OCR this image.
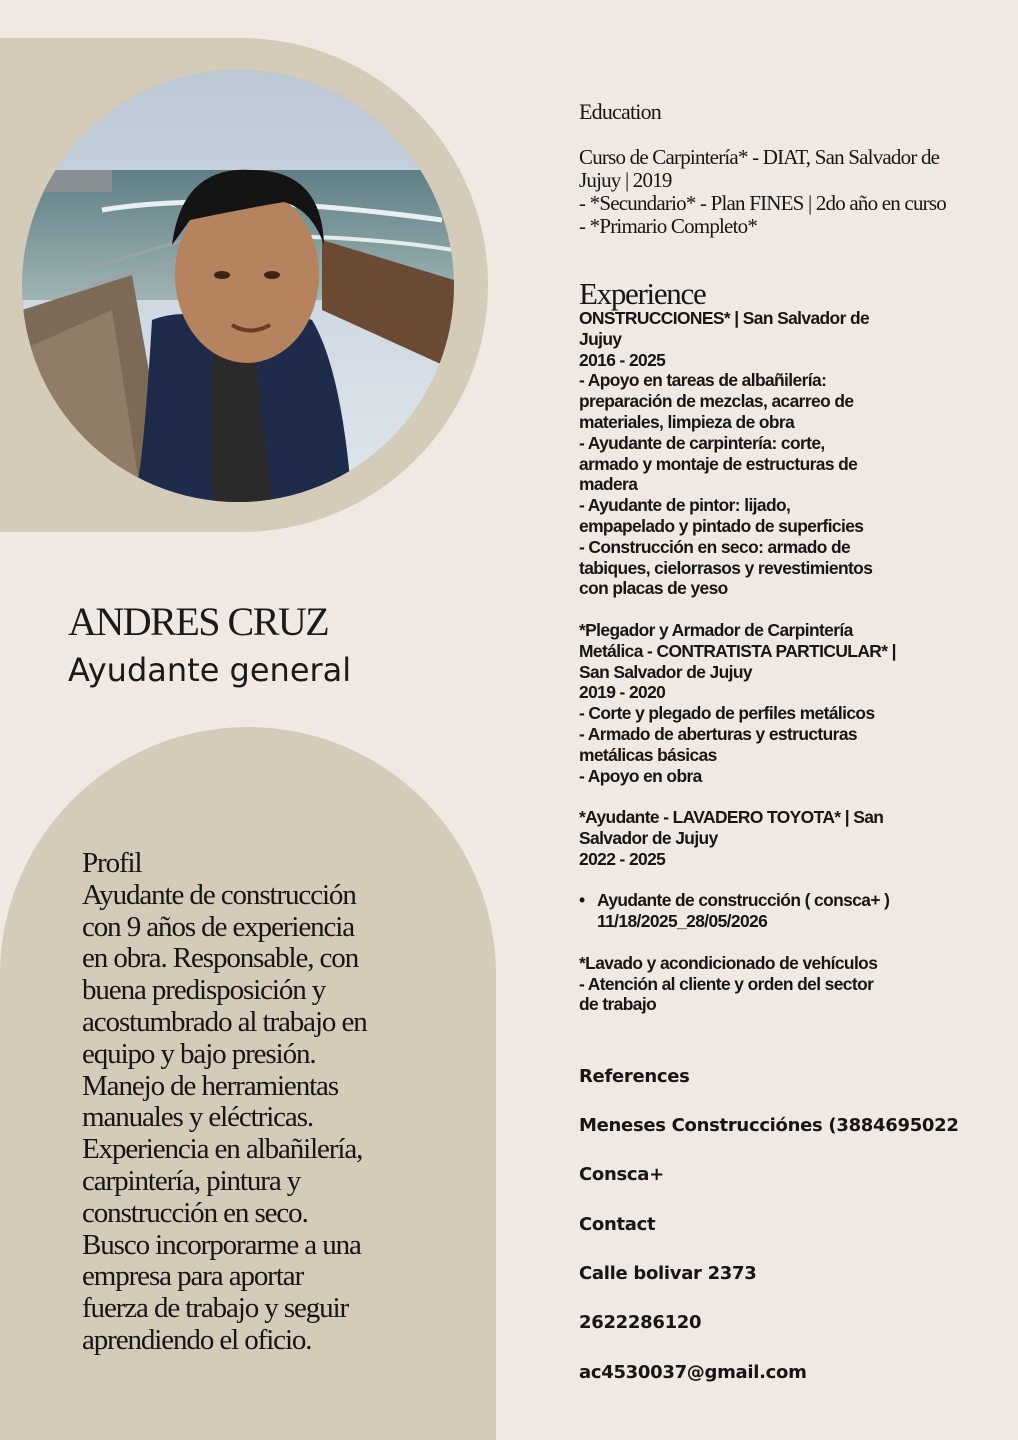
ANDRES CRUZ
Ayudante general
Profil
Ayudante de construcción
con 9 años de experiencia
en obra. Responsable, con
buena predisposición y
acostumbrado al trabajo en
equipo y bajo presión.
Manejo de herramientas
manuales y eléctricas.
Experiencia en albañilería,
carpintería, pintura y
construcción en seco.
Busco incorporarme a una
empresa para aportar
fuerza de trabajo y seguir
aprendiendo el oficio.
Education
Curso de Carpintería* - DIAT, San Salvador de
Jujuy | 2019
- *Secundario* - Plan FINES | 2do año en curso
- *Primario Completo*
Experience
ONSTRUCCIONES* | San Salvador de
Jujuy
2016 - 2025
- Apoyo en tareas de albañilería:
preparación de mezclas, acarreo de
materiales, limpieza de obra
- Ayudante de carpintería: corte,
armado y montaje de estructuras de
madera
- Ayudante de pintor: lijado,
empapelado y pintado de superficies
- Construcción en seco: armado de
tabiques, cielorrasos y revestimientos
con placas de yeso
*Plegador y Armador de Carpintería
Metálica - CONTRATISTA PARTICULAR* |
San Salvador de Jujuy
2019 - 2020
- Corte y plegado de perfiles metálicos
- Armado de aberturas y estructuras
metálicas básicas
- Apoyo en obra
*Ayudante - LAVADERO TOYOTA* | San
Salvador de Jujuy
2022 - 2025
• Ayudante de construcción ( consca+ )
11/18/2025_28/05/2026
*Lavado y acondicionado de vehículos
- Atención al cliente y orden del sector
de trabajo
References
Meneses Construcciónes (3884695022
Consca+
Contact
Calle bolivar 2373
2622286120
ac4530037@gmail.com
